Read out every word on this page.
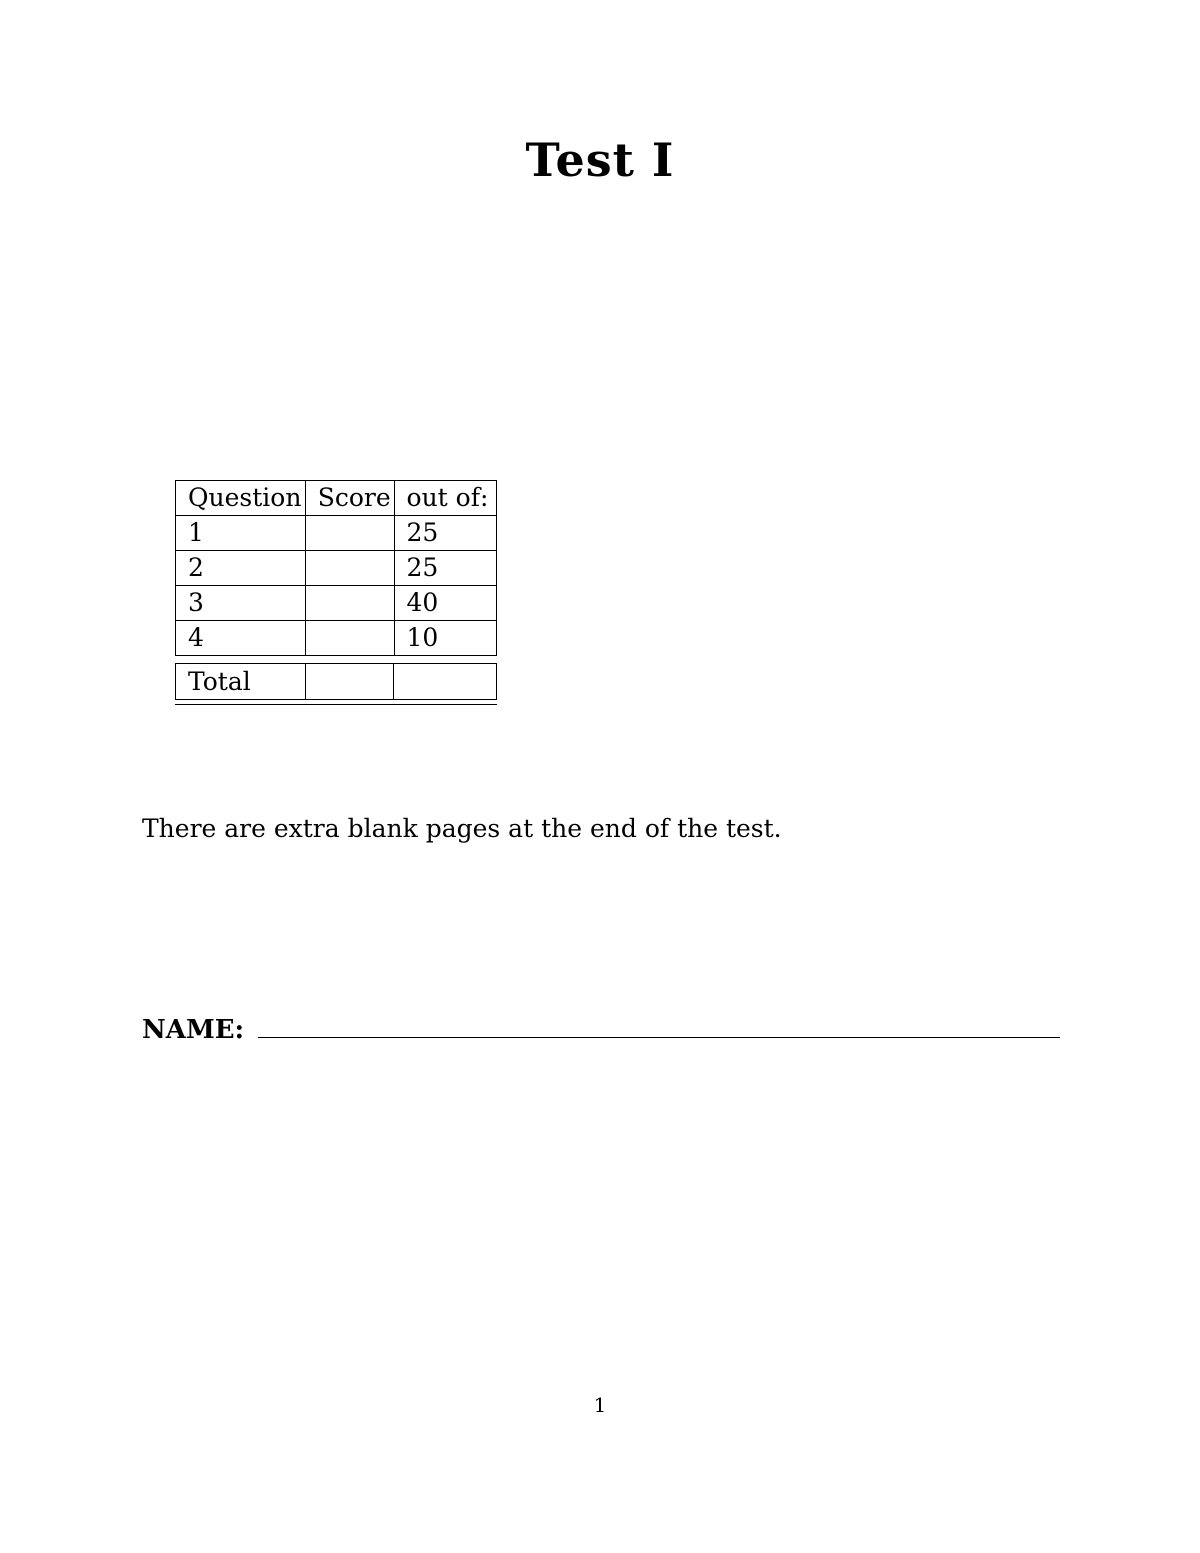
Test I
Question	Score	out of:
1		25
2		25
3		40
4		10
Total		

There are extra blank pages at the end of the test.

NAME:
1
